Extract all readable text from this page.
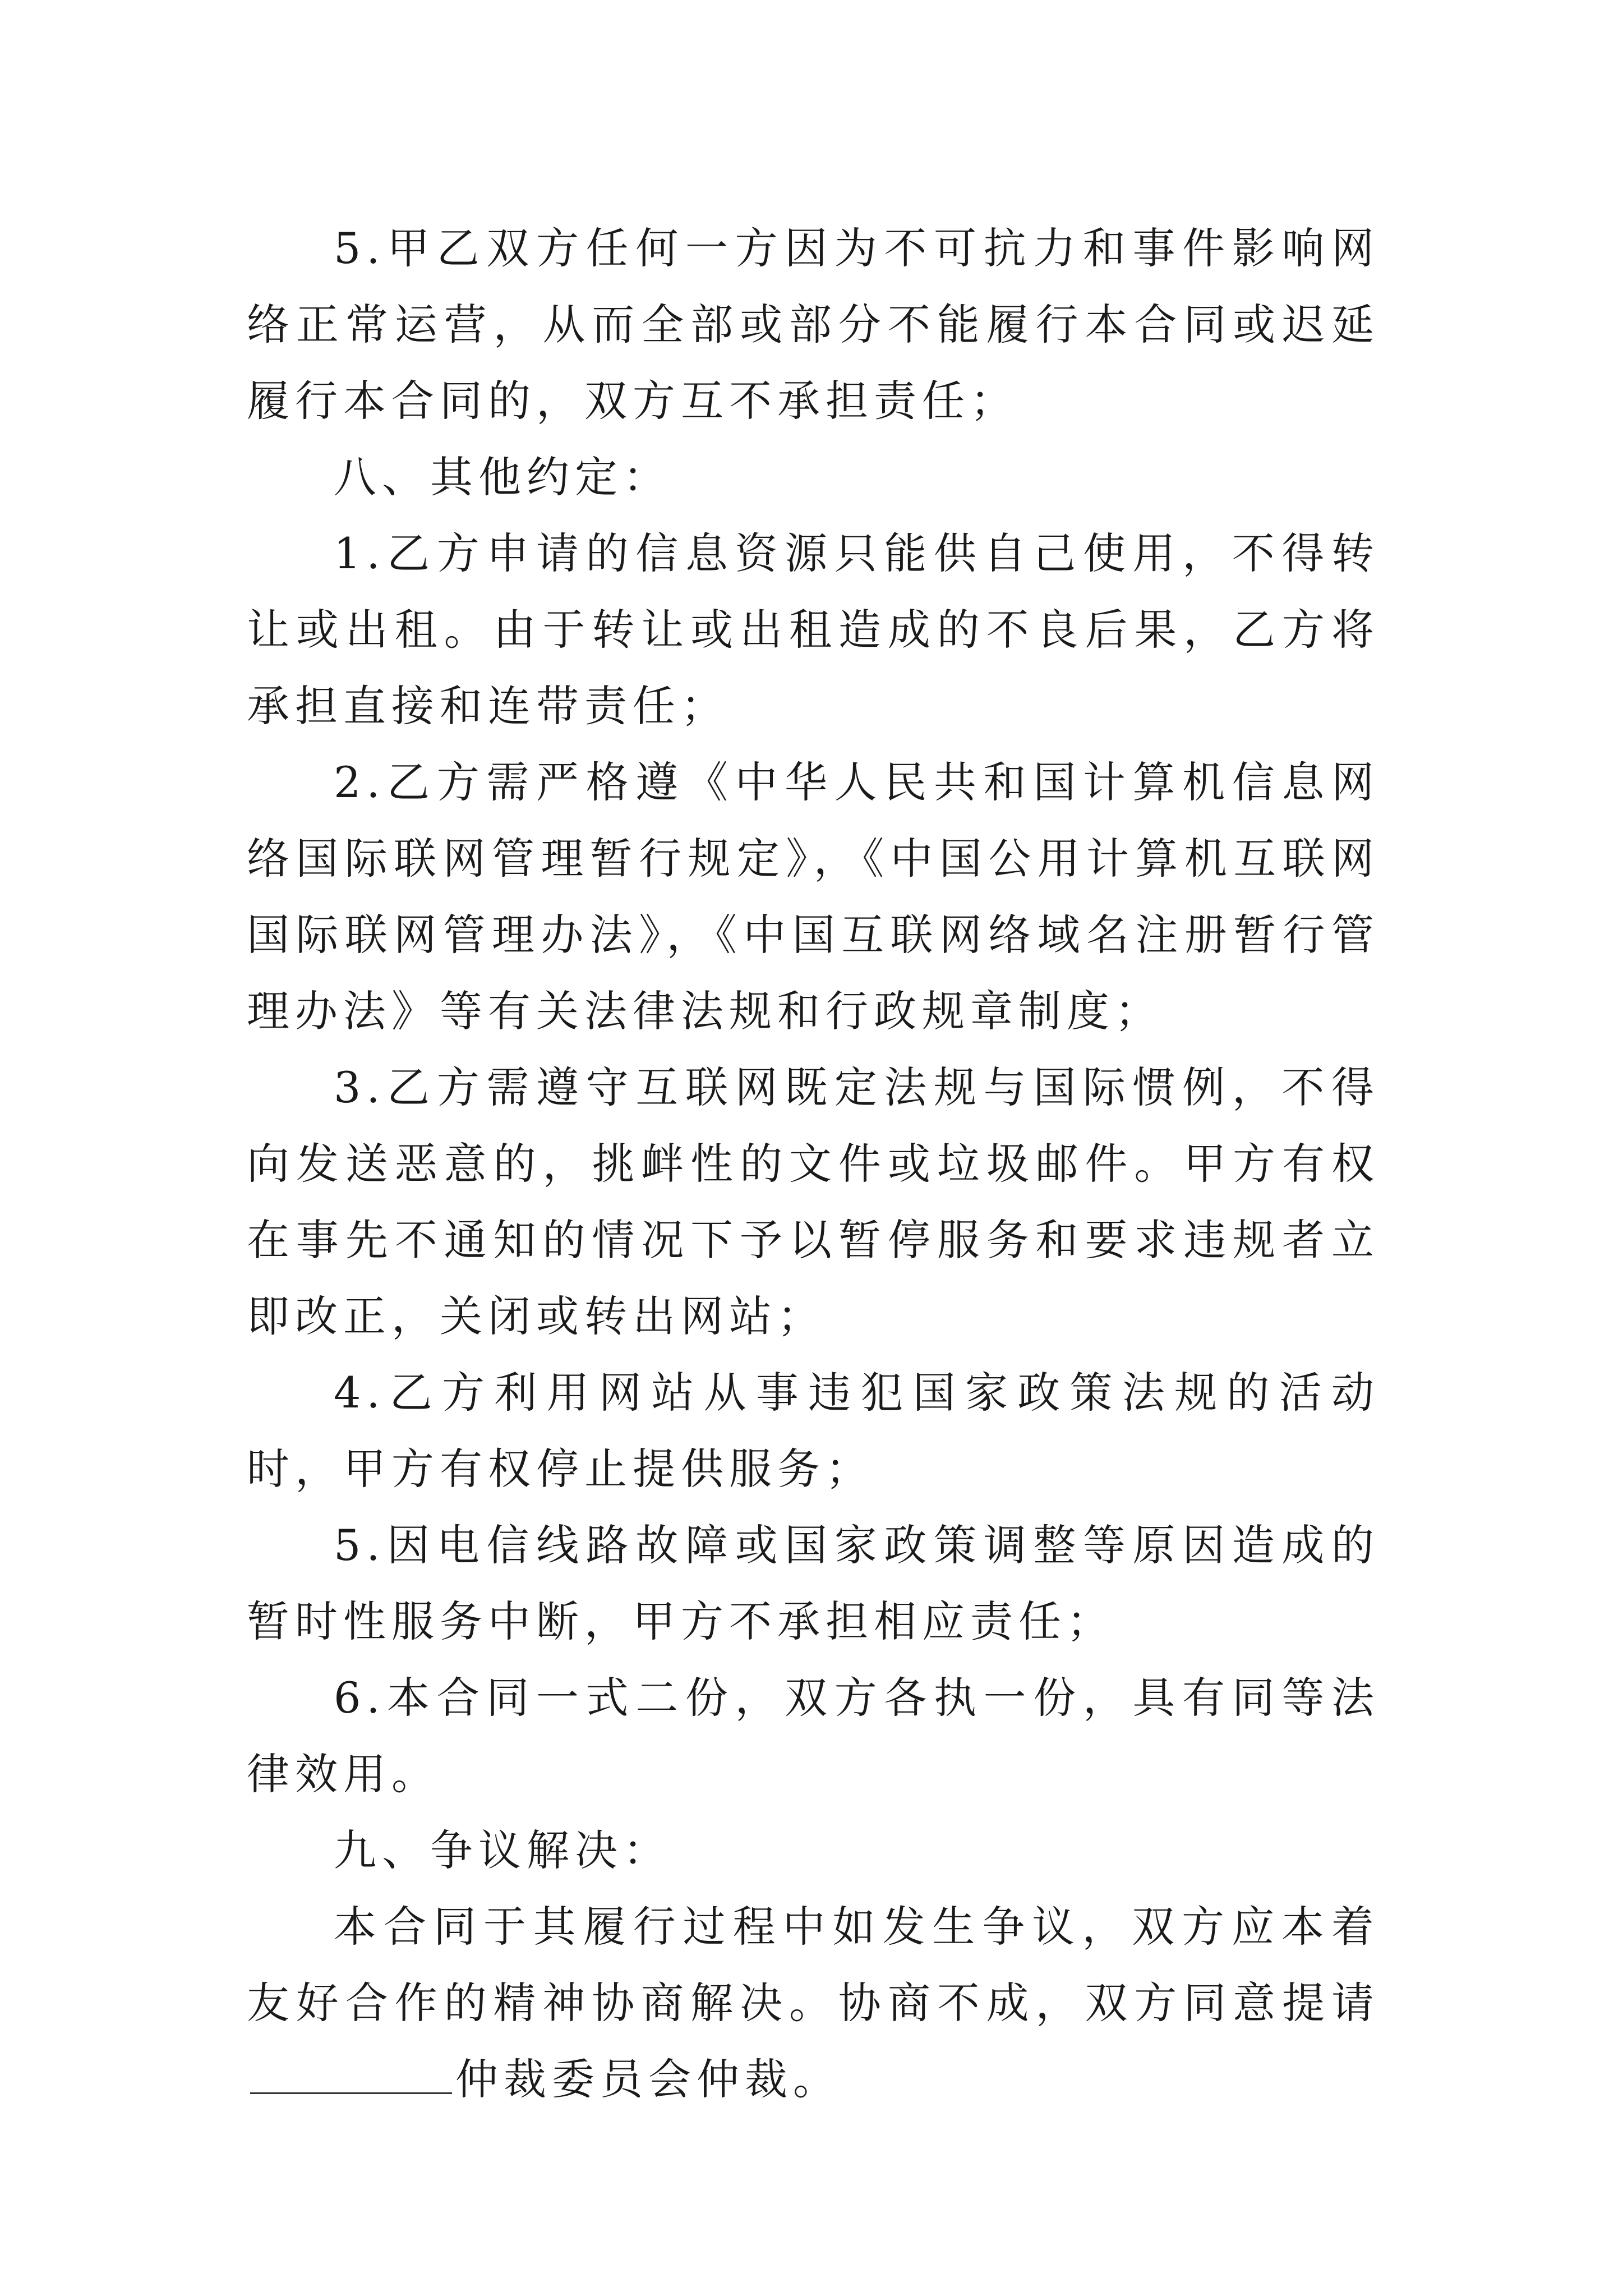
5.甲乙双方任何一方因为不可抗力和事件影响网络正常运营，从而全部或部分不能履行本合同或迟延履行本合同的，双方互不承担责任；

八、其他约定：

1.乙方申请的信息资源只能供自己使用，不得转让或出租。由于转让或出租造成的不良后果，乙方将承担直接和连带责任；

2.乙方需严格遵《中华人民共和国计算机信息网络国际联网管理暂行规定》，《中国公用计算机互联网国际联网管理办法》，《中国互联网络域名注册暂行管理办法》等有关法律法规和行政规章制度；

3.乙方需遵守互联网既定法规与国际惯例，不得向发送恶意的，挑衅性的文件或垃圾邮件。甲方有权在事先不通知的情况下予以暂停服务和要求违规者立即改正，关闭或转出网站；

4.乙方利用网站从事违犯国家政策法规的活动时，甲方有权停止提供服务；

5.因电信线路故障或国家政策调整等原因造成的暂时性服务中断，甲方不承担相应责任；

6.本合同一式二份，双方各执一份，具有同等法律效用。

九、争议解决：

本合同于其履行过程中如发生争议，双方应本着友好合作的精神协商解决。协商不成，双方同意提请仲裁委员会仲裁。
